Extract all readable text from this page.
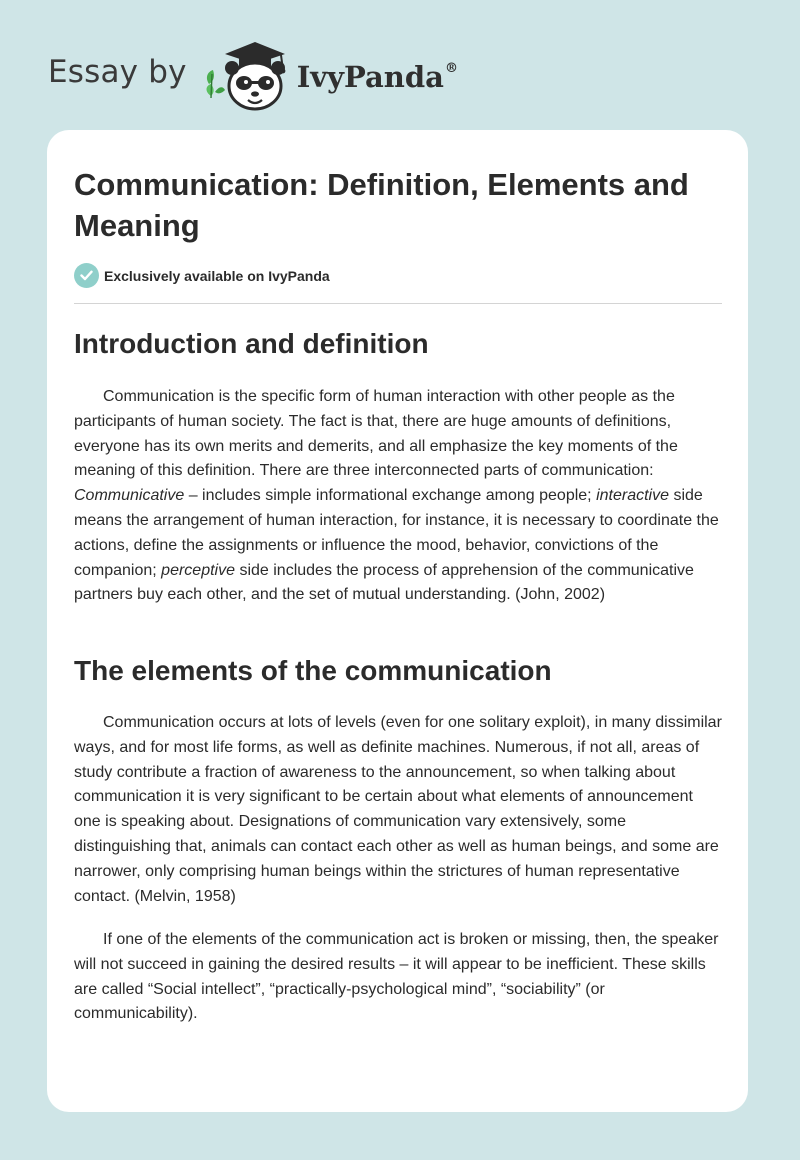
Essay by	IvyPanda®
Communication: Definition, Elements and Meaning
Exclusively available on IvyPanda
Introduction and definition

Communication is the specific form of human interaction with other people as the participants of human society. The fact is that, there are huge amounts of definitions, everyone has its own merits and demerits, and all emphasize the key moments of the meaning of this definition. There are three interconnected parts of communication: Communicative – includes simple informational exchange among people; interactive side means the arrangement of human interaction, for instance, it is necessary to coordinate the actions, define the assignments or influence the mood, behavior, convictions of the companion; perceptive side includes the process of apprehension of the communicative partners buy each other, and the set of mutual understanding. (John, 2002)

The elements of the communication

Communication occurs at lots of levels (even for one solitary exploit), in many dissimilar ways, and for most life forms, as well as definite machines. Numerous, if not all, areas of study contribute a fraction of awareness to the announcement, so when talking about communication it is very significant to be certain about what elements of announcement one is speaking about. Designations of communication vary extensively, some distinguishing that, animals can contact each other as well as human beings, and some are narrower, only comprising human beings within the strictures of human representative contact. (Melvin, 1958)

If one of the elements of the communication act is broken or missing, then, the speaker will not succeed in gaining the desired results – it will appear to be inefficient. These skills are called “Social intellect”, “practically-psychological mind”, “sociability” (or communicability).
